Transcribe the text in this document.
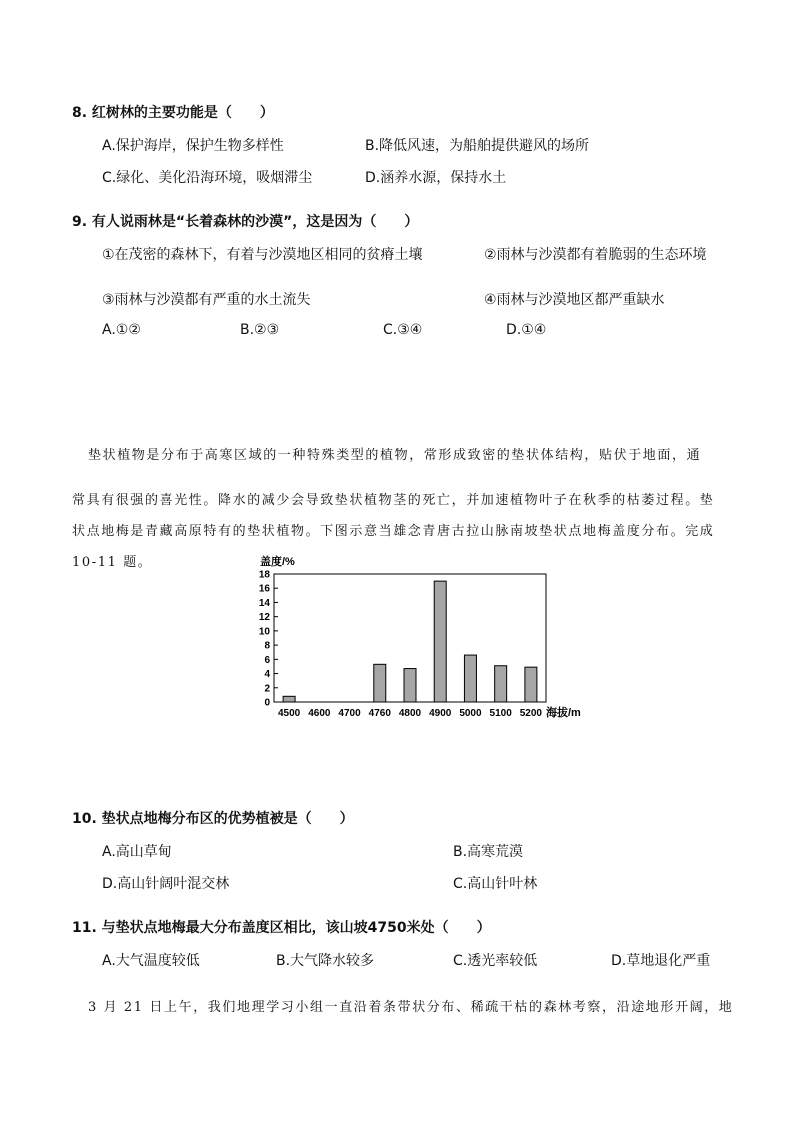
8. 红树林的主要功能是（　　）
A.保护海岸，保护生物多样性	B.降低风速，为船舶提供避风的场所
C.绿化、美化沿海环境，吸烟滞尘	D.涵养水源，保持水土
9. 有人说雨林是“长着森林的沙漠”，这是因为（　　）
①在茂密的森林下，有着与沙漠地区相同的贫瘠土壤	②雨林与沙漠都有着脆弱的生态环境
③雨林与沙漠都有严重的水土流失	④雨林与沙漠地区都严重缺水
A.①②	B.②③	C.③④	D.①④
垫状植物是分布于高寒区域的一种特殊类型的植物，常形成致密的垫状体结构，贴伏于地面，通
常具有很强的喜光性。降水的减少会导致垫状植物茎的死亡，并加速植物叶子在秋季的枯萎过程。垫
状点地梅是青藏高原特有的垫状植物。下图示意当雄念青唐古拉山脉南坡垫状点地梅盖度分布。完成
10-11 题。	盖度/%
海拔/m
0
2
4
6
8
10
12
14
16
18
4500 4600 4700 4760 4800 4900 5000 5100 5200
10. 垫状点地梅分布区的优势植被是（　　）
A.高山草甸	B.高寒荒漠
D.高山针阔叶混交林	C.高山针叶林
11. 与垫状点地梅最大分布盖度区相比，该山坡4750米处（　　）
A.大气温度较低	B.大气降水较多	C.透光率较低	D.草地退化严重
3 月 21 日上午，我们地理学习小组一直沿着条带状分布、稀疏干枯的森林考察，沿途地形开阔，地
